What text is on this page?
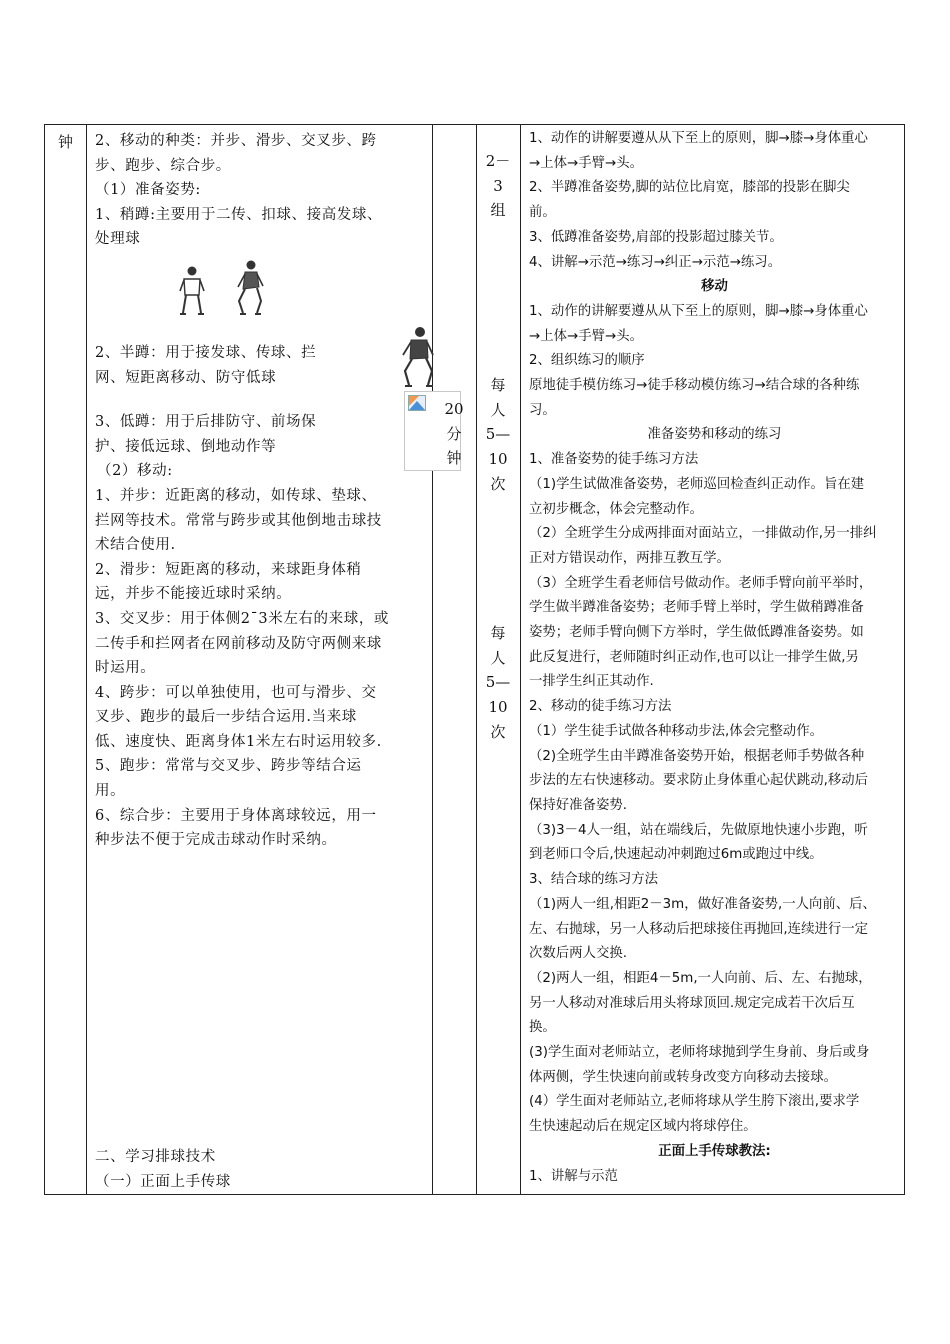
钟	2、移动的种类：并步、滑步、交叉步、跨

步、跑步、综合步。

（1）准备姿势:

1、稍蹲:主要用于二传、扣球、接高发球、

处理球

2、半蹲：用于接发球、传球、拦

网、短距离移动、防守低球

3、低蹲：用于后排防守、前场保

护、接低远球、倒地动作等

（2）移动:

1、并步：近距离的移动，如传球、垫球、

拦网等技术。常常与跨步或其他倒地击球技

术结合使用.

2、滑步：短距离的移动，来球距身体稍

远，并步不能接近球时采纳。

3、交叉步：用于体侧2¯3米左右的来球，或

二传手和拦网者在网前移动及防守两侧来球

时运用。

4、跨步：可以单独使用，也可与滑步、交

叉步、跑步的最后一步结合运用.当来球

低、速度快、距离身体1米左右时运用较多.

5、跑步：常常与交叉步、跨步等结合运

用。

6、综合步：主要用于身体离球较远，用一

种步法不便于完成击球动作时采纳。

二、学习排球技术

（一）正面上手传球

20
分
钟
2－
3
组
每
人
5—
10
次
每
人
5—
10
次

1、动作的讲解要遵从从下至上的原则，脚→膝→身体重心

→上体→手臂→头。

2、半蹲准备姿势,脚的站位比肩宽，膝部的投影在脚尖

前。

3、低蹲准备姿势,肩部的投影超过膝关节。

4、讲解→示范→练习→纠正→示范→练习。

移动

1、动作的讲解要遵从从下至上的原则，脚→膝→身体重心

→上体→手臂→头。

2、组织练习的顺序

原地徒手模仿练习→徒手移动模仿练习→结合球的各种练

习。

准备姿势和移动的练习

1、准备姿势的徒手练习方法

（1)学生试做准备姿势，老师巡回检查纠正动作。旨在建

立初步概念，体会完整动作。

（2）全班学生分成两排面对面站立，一排做动作,另一排纠

正对方错误动作，两排互教互学。

（3）全班学生看老师信号做动作。老师手臂向前平举时，

学生做半蹲准备姿势；老师手臂上举时，学生做稍蹲准备

姿势；老师手臂向侧下方举时，学生做低蹲准备姿势。如

此反复进行，老师随时纠正动作,也可以让一排学生做,另

一排学生纠正其动作.

2、移动的徒手练习方法

（1）学生徒手试做各种移动步法,体会完整动作。

（2)全班学生由半蹲准备姿势开始，根据老师手势做各种

步法的左右快速移动。要求防止身体重心起伏跳动,移动后

保持好准备姿势.

（3)3－4人一组，站在端线后，先做原地快速小步跑，听

到老师口令后,快速起动冲刺跑过6m或跑过中线。

3、结合球的练习方法

（1)两人一组,相距2－3m，做好准备姿势,一人向前、后、

左、右抛球，另一人移动后把球接住再抛回,连续进行一定

次数后两人交换.

（2)两人一组，相距4－5m,一人向前、后、左、右抛球，

另一人移动对准球后用头将球顶回.规定完成若干次后互

换。

(3)学生面对老师站立，老师将球抛到学生身前、身后或身

体两侧，学生快速向前或转身改变方向移动去接球。

(4）学生面对老师站立,老师将球从学生胯下滚出,要求学

生快速起动后在规定区域内将球停住。

正面上手传球教法:

1、讲解与示范
